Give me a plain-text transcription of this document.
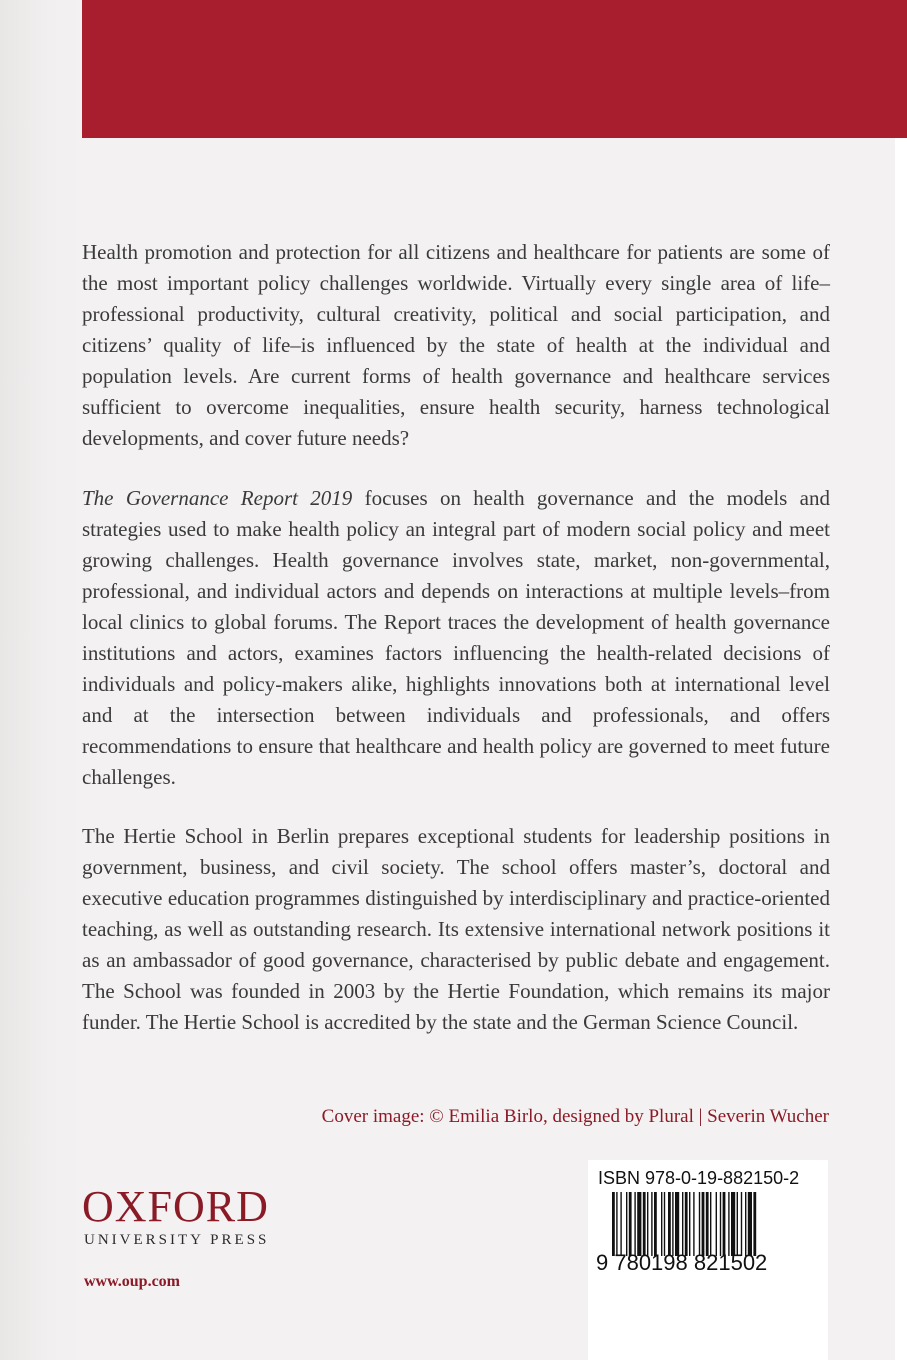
Health promotion and protection for all citizens and healthcare for patients are some of the most important policy challenges worldwide. Virtually every single area of life–professional productivity, cultural creativity, political and social participation, and citizens’ quality of life–is influenced by the state of health at the individual and population levels. Are current forms of health governance and healthcare services sufficient to overcome inequalities, ensure health security, harness technological developments, and cover future needs?

The Governance Report 2019 focuses on health governance and the models and strategies used to make health policy an integral part of modern social policy and meet growing challenges. Health governance involves state, market, non-governmental, professional, and individual actors and depends on interactions at multiple levels–from local clinics to global forums. The Report traces the development of health governance institutions and actors, examines factors influencing the health-related decisions of individuals and policy-makers alike, highlights innovations both at international level and at the intersection between individuals and professionals, and offers recommendations to ensure that healthcare and health policy are governed to meet future challenges.

The Hertie School in Berlin prepares exceptional students for leadership positions in government, business, and civil society. The school offers master’s, doctoral and executive education programmes distinguished by interdisciplinary and practice-oriented teaching, as well as outstanding research. Its extensive international network positions it as an ambassador of good governance, characterised by public debate and engagement. The School was founded in 2003 by the Hertie Foundation, which remains its major funder. The Hertie School is accredited by the state and the German Science Council.

Cover image: © Emilia Birlo, designed by Plural | Severin Wucher
OXFORD
UNIVERSITY PRESS
www.oup.com
ISBN 978-0-19-882150-2
9 780198 821502
